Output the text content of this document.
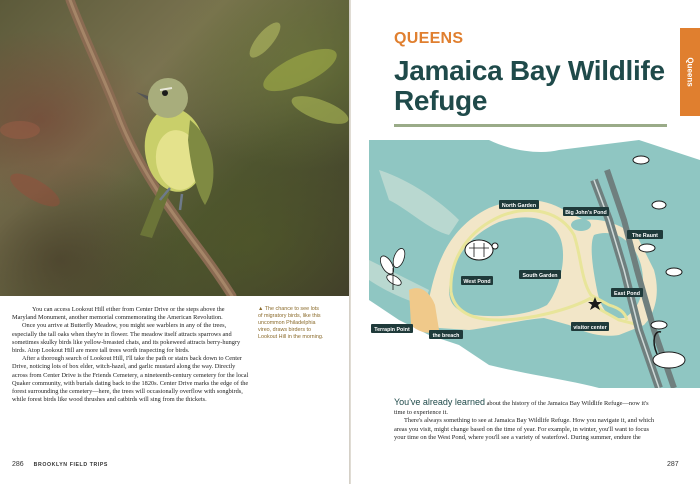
You can access Lookout Hill either from Center Drive or the steps above the Maryland Monument, another memorial commemorating the American Revolution.

Once you arrive at Butterfly Meadow, you might see warblers in any of the trees, especially the tall oaks when they're in flower. The meadow itself attracts sparrows and sometimes skulky birds like yellow-breasted chats, and its pokeweed attracts berry-hungry birds. Atop Lookout Hill are more tall trees worth inspecting for birds.

After a thorough search of Lookout Hill, I'll take the path or stairs back down to Center Drive, noticing lots of box elder, witch-hazel, and garlic mustard along the way. Directly across from Center Drive is the Friends Cemetery, a nineteenth-century cemetery for the local Quaker community, with burials dating back to the 1820s. Center Drive marks the edge of the forest surrounding the cemetery—here, the trees will occasionally overflow with songbirds, while forest birds like wood thrushes and catbirds will sing from the thickets.

▲ The chance to see lots of migratory birds, like this uncommon Philadelphia vireo, draws birders to Lookout Hill in the morning.
286 BROOKLYN FIELD TRIPS
Queens
QUEENS
Jamaica Bay Wildlife Refuge
North Garden
Big John's Pond
The Raunt
West Pond
South Garden
East Pond
Terrapin Point
the breach
visitor center

You've already learned about the history of the Jamaica Bay Wildlife Refuge—now it's time to experience it.

There's always something to see at Jamaica Bay Wildlife Refuge. How you navigate it, and which areas you visit, might change based on the time of year. For example, in winter, you'll want to focus your time on the West Pond, where you'll see a variety of waterfowl. During summer, endure the

287
